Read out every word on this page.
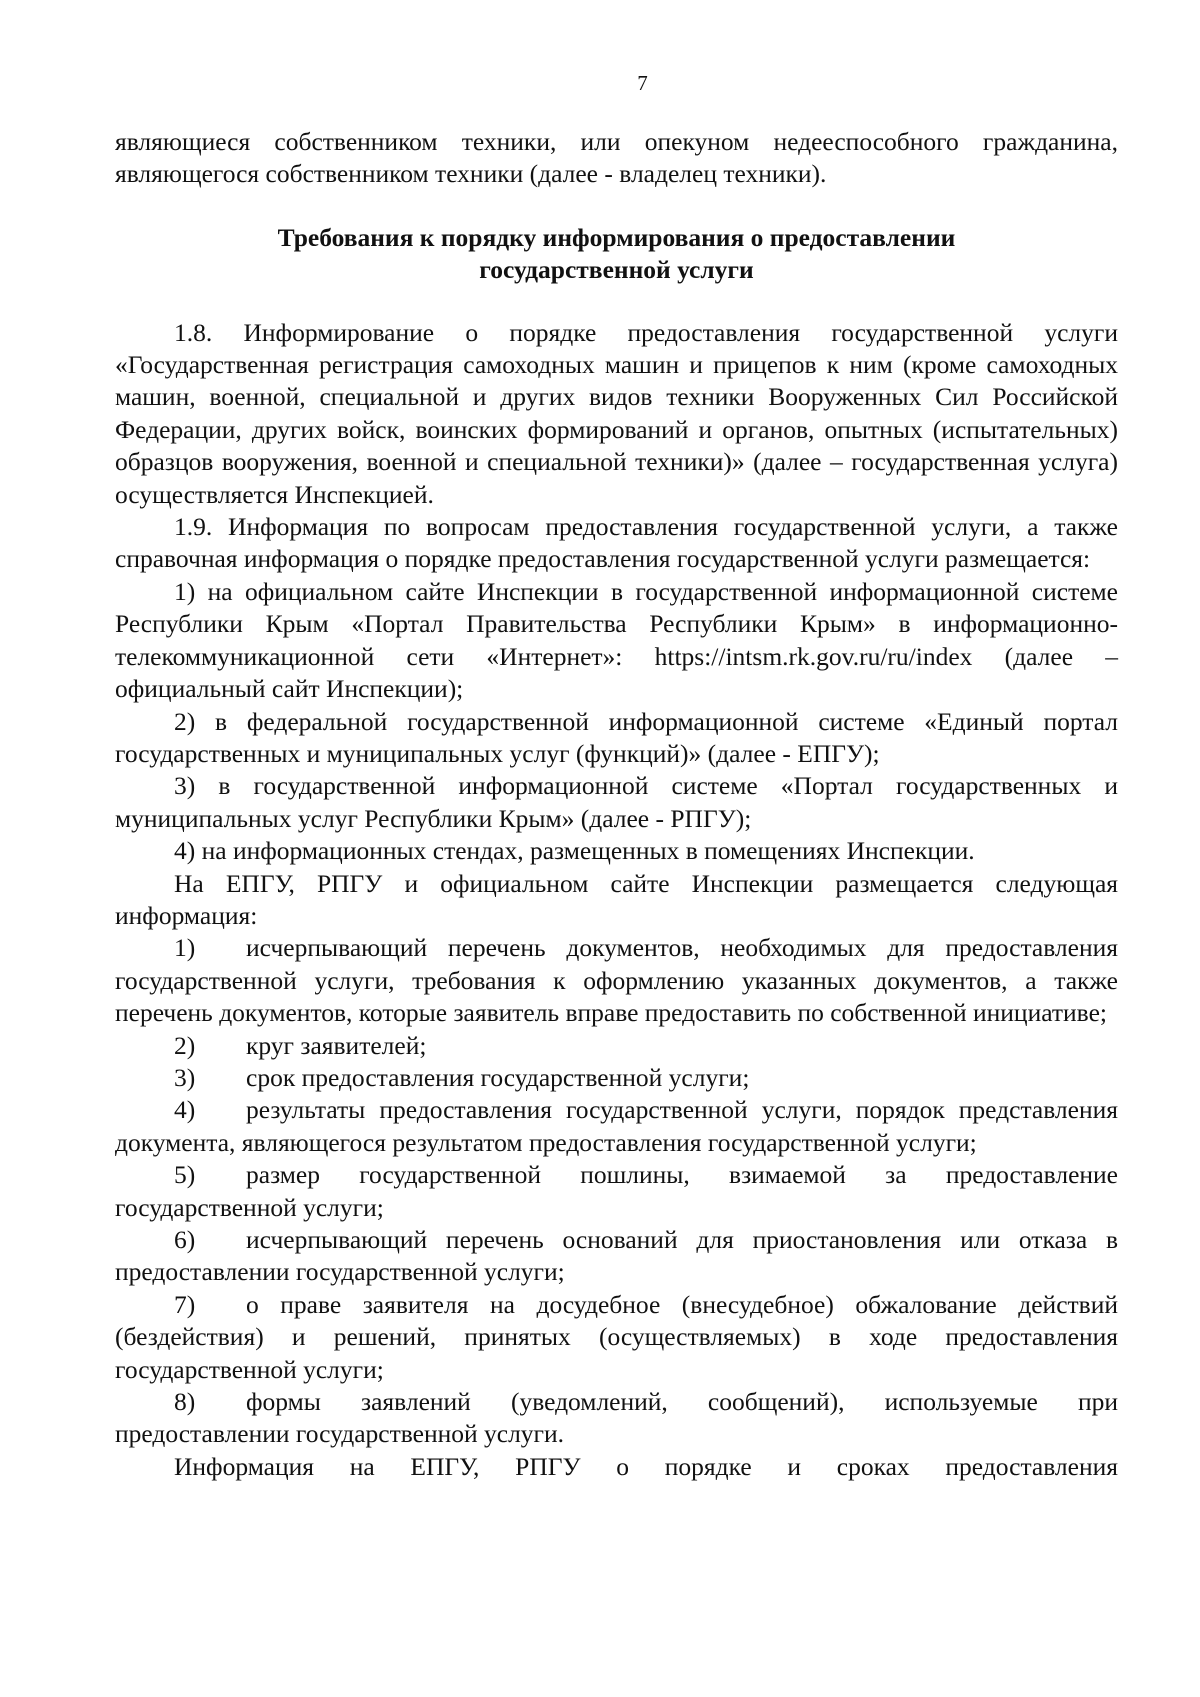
7

являющиеся собственником техники, или опекуном недееспособного гражданина, являющегося собственником техники (далее - владелец техники).

Требования к порядку информирования о предоставлении
государственной услуги

1.8. Информирование о порядке предоставления государственной услуги «Государственная регистрация самоходных машин и прицепов к ним (кроме самоходных машин, военной, специальной и других видов техники Вооруженных Сил Российской Федерации, других войск, воинских формирований и органов, опытных (испытательных) образцов вооружения, военной и специальной техники)» (далее – государственная услуга) осуществляется Инспекцией.

1.9. Информация по вопросам предоставления государственной услуги, а также справочная информация о порядке предоставления государственной услуги размещается:

1) на официальном сайте Инспекции в государственной информационной системе Республики Крым «Портал Правительства Республики Крым» в информационно-телекоммуникационной сети «Интернет»: https://intsm.rk.gov.ru/ru/index (далее – официальный сайт Инспекции);

2) в федеральной государственной информационной системе «Единый портал государственных и муниципальных услуг (функций)» (далее - ЕПГУ);

3) в государственной информационной системе «Портал государственных и муниципальных услуг Республики Крым» (далее - РПГУ);

4) на информационных стендах, размещенных в помещениях Инспекции.

На ЕПГУ, РПГУ и официальном сайте Инспекции размещается следующая информация:

1) исчерпывающий перечень документов, необходимых для предоставления государственной услуги, требования к оформлению указанных документов, а также перечень документов, которые заявитель вправе предоставить по собственной инициативе;

2) круг заявителей;

3) срок предоставления государственной услуги;

4) результаты предоставления государственной услуги, порядок представления документа, являющегося результатом предоставления государственной услуги;

5) размер государственной пошлины, взимаемой за предоставление государственной услуги;

6) исчерпывающий перечень оснований для приостановления или отказа в предоставлении государственной услуги;

7) о праве заявителя на досудебное (внесудебное) обжалование действий (бездействия) и решений, принятых (осуществляемых) в ходе предоставления государственной услуги;

8) формы заявлений (уведомлений, сообщений), используемые при предоставлении государственной услуги.

Информация на ЕПГУ, РПГУ о порядке и сроках предоставления
